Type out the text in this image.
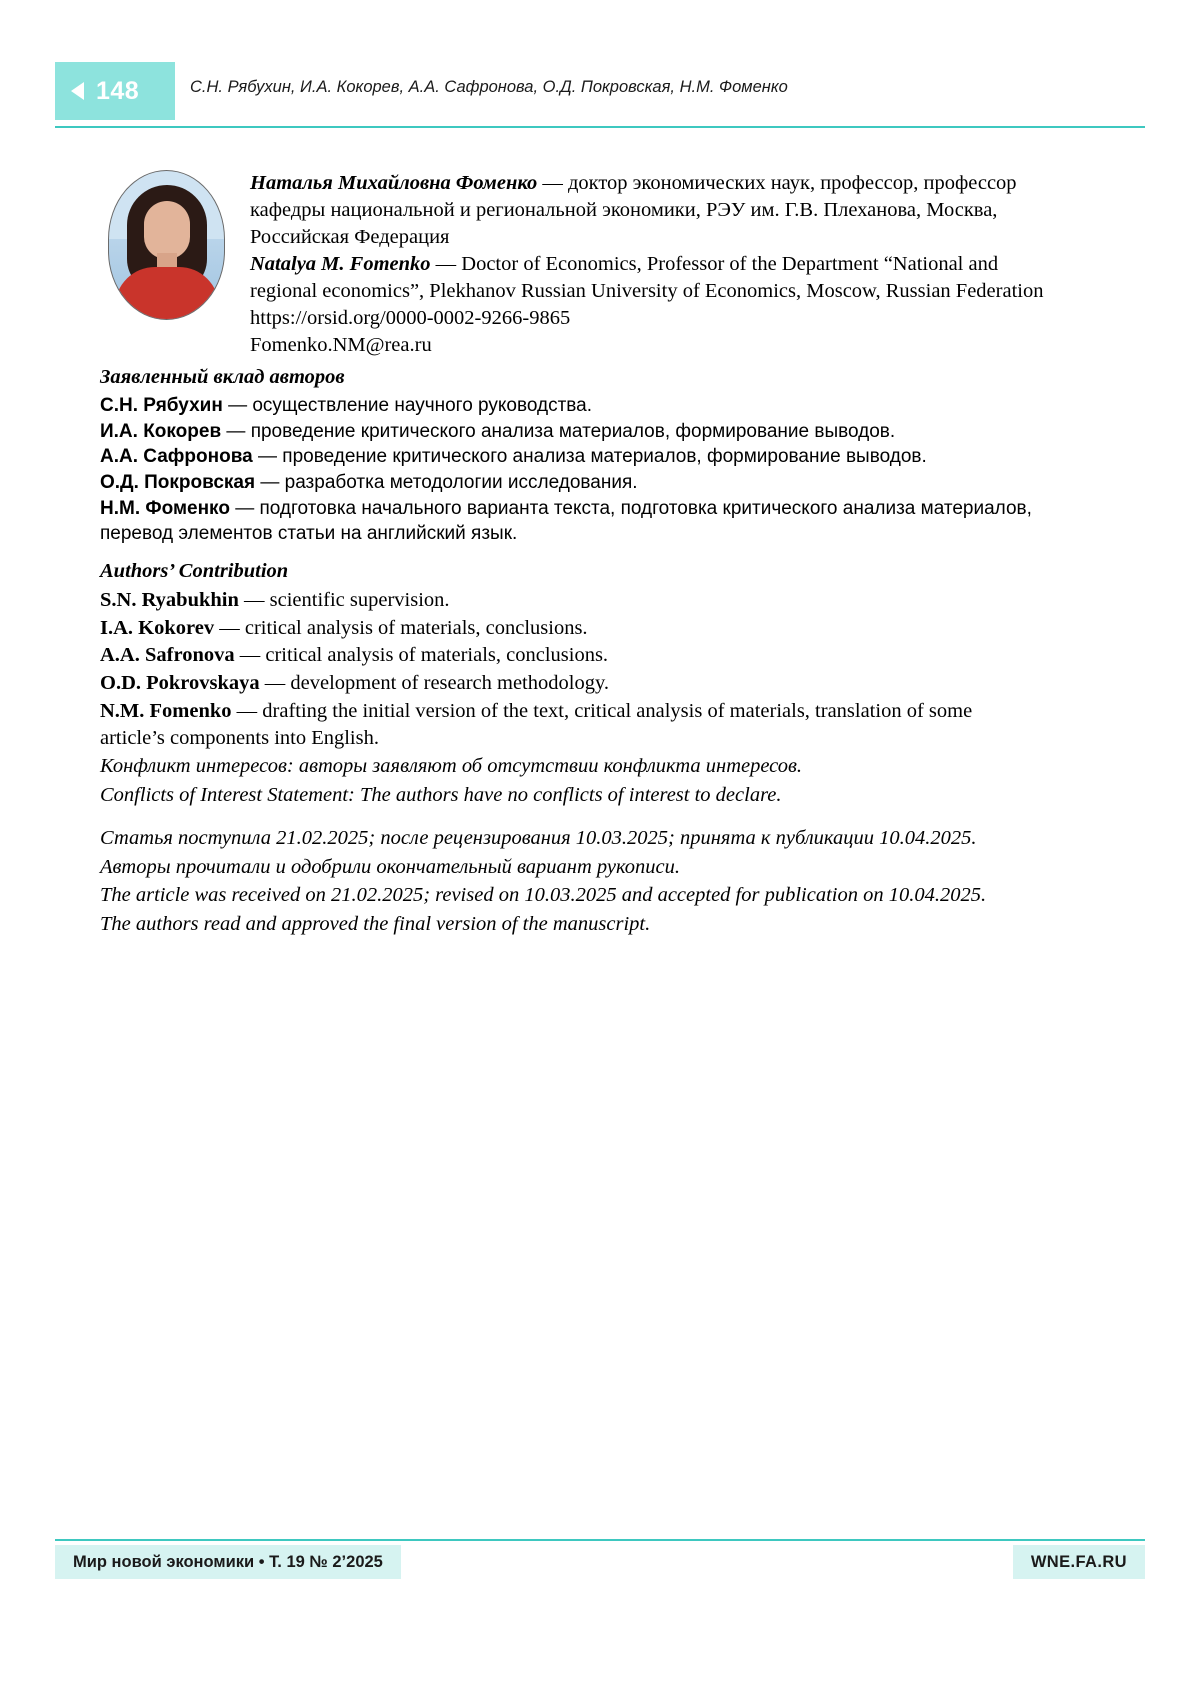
148	С.Н. Рябухин, И.А. Кокорев, А.А. Сафронова, О.Д. Покровская, Н.М. Фоменко
Наталья Михайловна Фоменко — доктор экономических наук, профессор, профессор
кафедры национальной и региональной экономики, РЭУ им. Г.В. Плеханова, Москва,
Российская Федерация
Natalya M. Fomenko — Doctor of Economics, Professor of the Department “National and
regional economics”, Plekhanov Russian University of Economics, Moscow, Russian Federation
https://orsid.org/0000-0002-9266-9865
Fomenko.NM@rea.ru
Заявленный вклад авторов
С.Н. Рябухин — осуществление научного руководства.
И.А. Кокорев — проведение критического анализа материалов, формирование выводов.
А.А. Сафронова — проведение критического анализа материалов, формирование выводов.
О.Д. Покровская — разработка методологии исследования.
Н.М. Фоменко — подготовка начального варианта текста, подготовка критического анализа материалов,
перевод элементов статьи на английский язык.
Authors’ Contribution
S.N. Ryabukhin — scientific supervision.
I.A. Kokorev — critical analysis of materials, conclusions.
A.A. Safronova — critical analysis of materials, conclusions.
O.D. Pokrovskaya — development of research methodology.
N.M. Fomenko — drafting the initial version of the text, critical analysis of materials, translation of some
article’s components into English.
Конфликт интересов: авторы заявляют об отсутствии конфликта интересов.
Conflicts of Interest Statement: The authors have no conflicts of interest to declare.
Статья поступила 21.02.2025; после рецензирования 10.03.2025; принята к публикации 10.04.2025.
Авторы прочитали и одобрили окончательный вариант рукописи.
The article was received on 21.02.2025; revised on 10.03.2025 and accepted for publication on 10.04.2025.
The authors read and approved the final version of the manuscript.
Мир новой экономики • Т. 19 № 2’2025	WNE.FA.RU
